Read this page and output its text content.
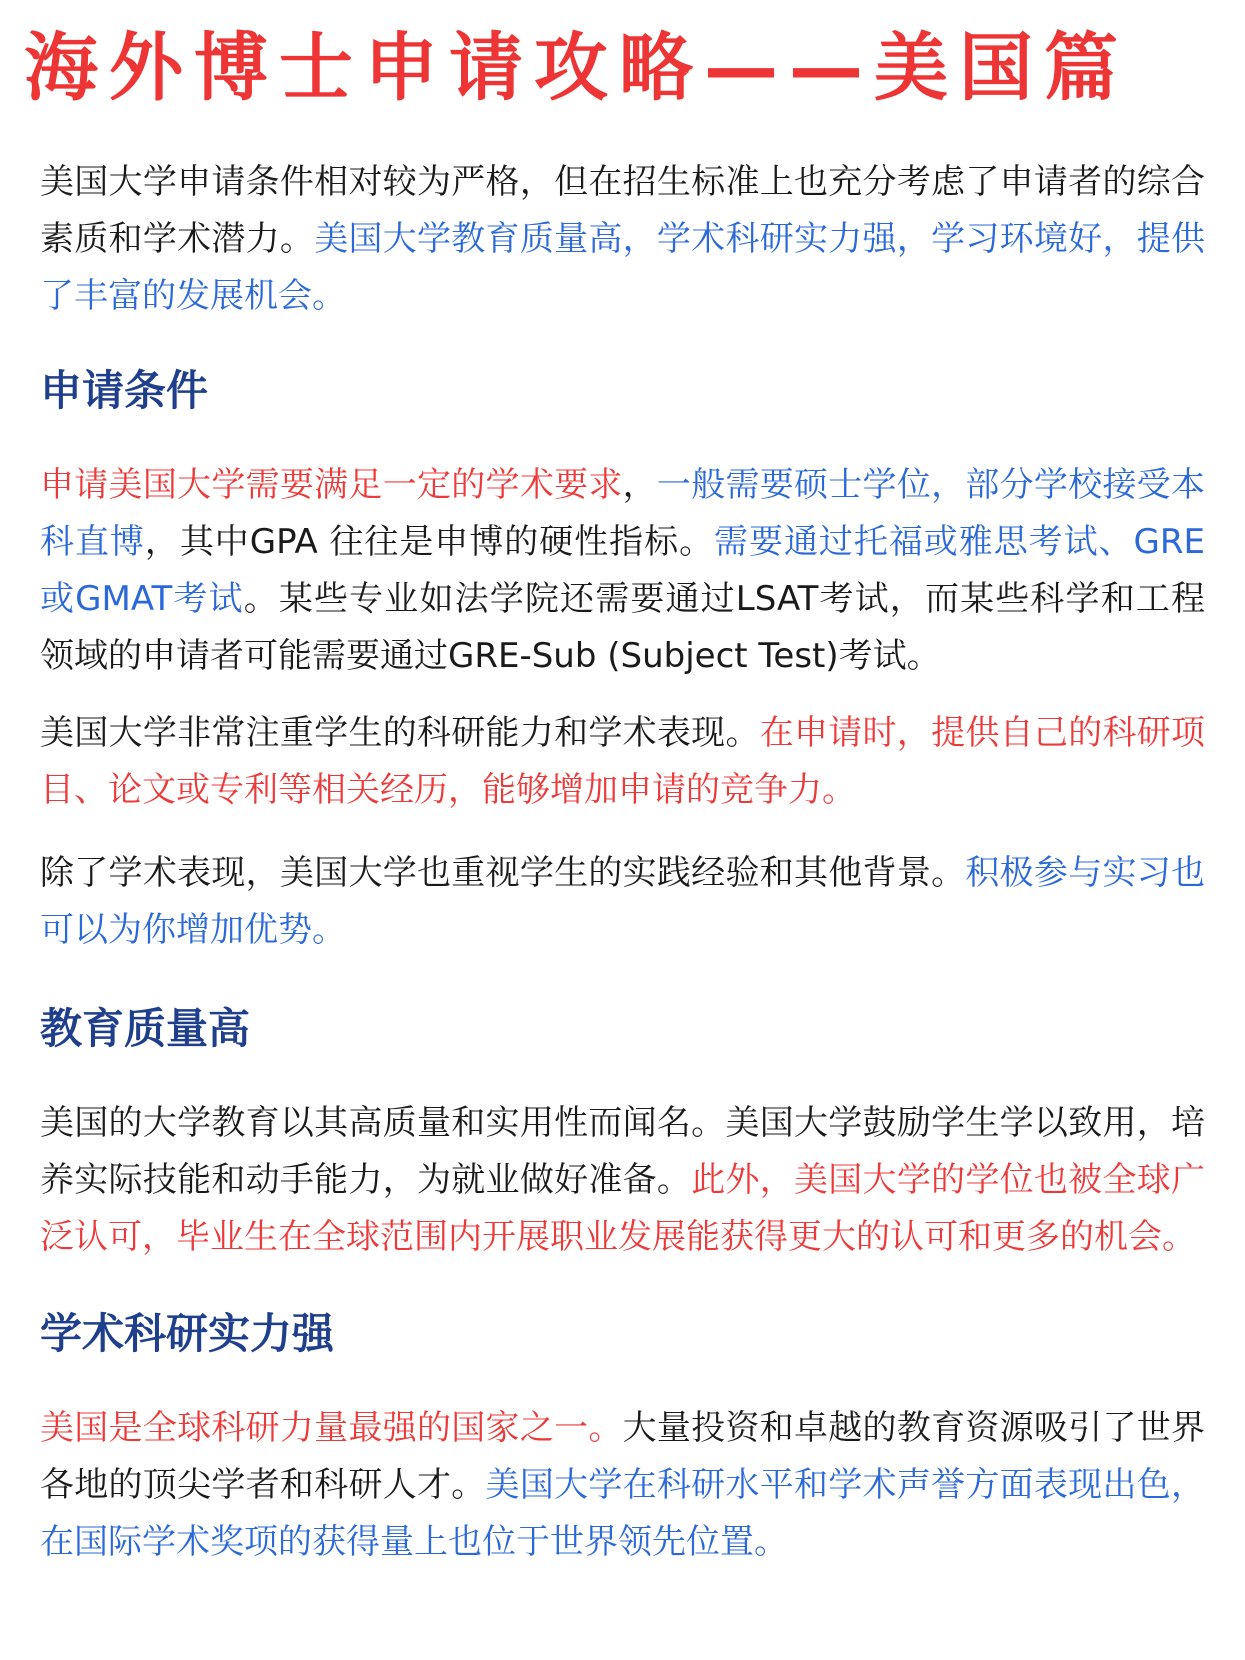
海外博士申请攻略——美国篇

美国大学申请条件相对较为严格，但在招生标准上也充分考虑了申请者的综合素质和学术潜力。美国大学教育质量高，学术科研实力强，学习环境好，提供了丰富的发展机会。

申请条件

申请美国大学需要满足一定的学术要求，一般需要硕士学位，部分学校接受本科直博，其中GPA 往往是申博的硬性指标。需要通过托福或雅思考试、GRE或GMAT考试。某些专业如法学院还需要通过LSAT考试，而某些科学和工程领域的申请者可能需要通过GRE-Sub (Subject Test)考试。

美国大学非常注重学生的科研能力和学术表现。在申请时，提供自己的科研项目、论文或专利等相关经历，能够增加申请的竞争力。

除了学术表现，美国大学也重视学生的实践经验和其他背景。积极参与实习也可以为你增加优势。

教育质量高

美国的大学教育以其高质量和实用性而闻名。美国大学鼓励学生学以致用，培养实际技能和动手能力，为就业做好准备。此外，美国大学的学位也被全球广泛认可，毕业生在全球范围内开展职业发展能获得更大的认可和更多的机会。

学术科研实力强

美国是全球科研力量最强的国家之一。大量投资和卓越的教育资源吸引了世界各地的顶尖学者和科研人才。美国大学在科研水平和学术声誉方面表现出色，在国际学术奖项的获得量上也位于世界领先位置。
